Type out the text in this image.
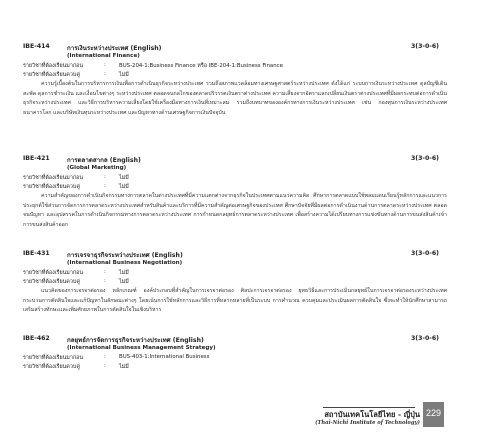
IBE-414	การเงินระหว่างประเทศ (English)	3(3-0-6)
(International Finance)
รายวิชาที่ต้องเรียนมาก่อน	: BUS-204-1:Business Finance หรือ IBE-204-1:Business Finance
รายวิชาที่ต้องเรียนควบคู่	: ไม่มี
ความรู้เบื้องต้นในการบริหารการเงินเพื่อการดำเนินธุรกิจระหว่างประเทศ รวมถึงสภาพแวดล้อมทางเศรษฐศาสตร์ระหว่างประเทศ ดังได้แก่ ระบบการเงินระหว่างประเทศ ดุลบัญชีเดินสะพัด ดุลการชำระเงิน และเงื่อนไขต่างๆ ระหว่างประเทศ ตลอดจนกลไกของตลาดปริวรรตเงินตราต่างประเทศ ความเสี่ยงจากอัตราแลกเปลี่ยนเงินตราต่างประเทศที่มีผลกระทบต่อการดำเนินธุรกิจระหว่างประเทศ และวิธีการบริหารความเสี่ยงโดยใช้เครื่องมือทางการเงินที่เหมาะสม รวมถึงบทบาทขององค์กรทางการเงินระหว่างประเทศ เช่น กองทุนการเงินระหว่างประเทศ ธนาคารโลก และบริษัทเงินทุนระหว่างประเทศ และปัญหาทางด้านเศรษฐกิจการเงินปัจจุบัน
IBE-421	การตลาดสากล (English)	3(3-0-6)
(Global Marketing)
รายวิชาที่ต้องเรียนมาก่อน	: ไม่มี
รายวิชาที่ต้องเรียนควบคู่	: ไม่มี
ความสำคัญของการดำเนินกิจกรรมทางการตลาดในต่างประเทศที่มีความแตกต่างจากธุรกิจในประเทศตามแนวความคิด ศึกษาการตลาดแบบใช้พลมแดนเรียนรู้หลักการและแนวการประยุกต์ใช้ส่วนการจัดการการตลาดระหว่างประเทศสำหรับสินค้าและบริการที่มีความสำคัญต่อเศรษฐกิจของประเทศ ศึกษาปัจจัยที่มีผลต่อการดำเนินงานด้านการตลาดระหว่างประเทศ ตลอดจนปัญหา และอุปสรรคในการดำเนินกิจกรรมทางการตลาดระหว่างประเทศ การกำหนดกลยุทธ์การตลาดระหว่างประเทศ เพื่อสร้างความได้เปรียบทางการแข่งขันทางด้านการขนส่งสินค้าเข้า การขนส่งสินค้าออก
IBE-431	การเจรจาธุรกิจระหว่างประเทศ (English)	3(3-0-6)
(International Business Negotiation)
รายวิชาที่ต้องเรียนมาก่อน	: ไม่มี
รายวิชาที่ต้องเรียนควบคู่	: ไม่มี
แนวคิดของการเจรจาต่อรอง หลักเกณฑ์ องค์ประกอบที่สำคัญในการเจรจาต่อรอง ศิลปะการเจรจาต่อรอง ยุทธวิธีและการประเมินกลยุทธ์ในการเจรจาต่อรองระหว่างประเทศ กระบวนการตัดสินใจและแก้ปัญหาในลักษณะต่างๆ โดยเน้นการใช้หลักการและวิธีการที่หลากหลายที่เป็นระบบ การคำนวณ ควบคุมและประเมินผลการตัดสินใจ ซึ่งจะทำให้นักศึกษาสามารถเสริมสร้างทักษะและเพิ่มศักยภาพในการตัดสินใจในเชิงบริหาร
IBE-462	กลยุทธ์การจัดการธุรกิจระหว่างประเทศ (English)	3(3-0-6)
(International Business Management Strategy)
รายวิชาที่ต้องเรียนมาก่อน	: BUS-403-1:International Business
รายวิชาที่ต้องเรียนควบคู่	: ไม่มี
สถาบันเทคโนโลยีไทย - ญี่ปุ่น
(Thai-Nichi Institute of Technology)
229
